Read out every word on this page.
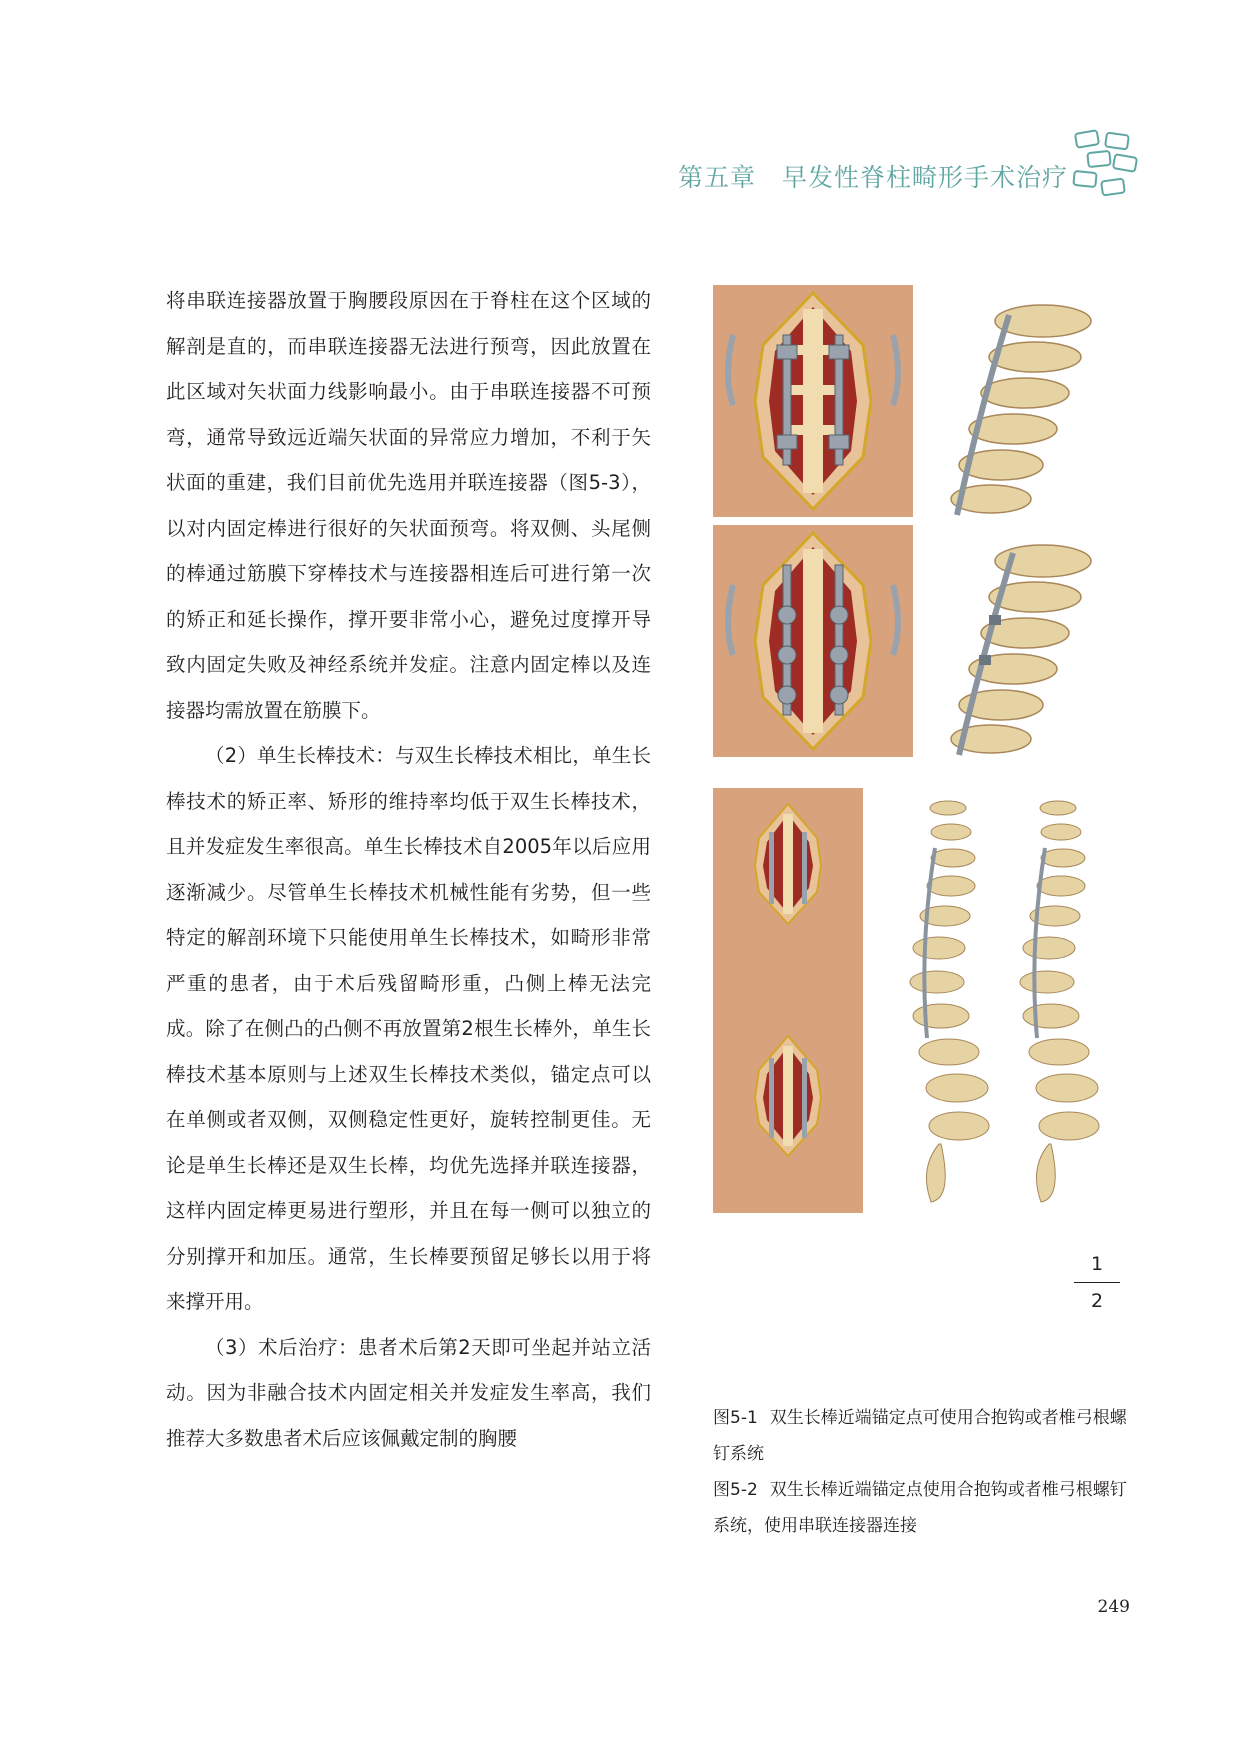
第五章　早发性脊柱畸形手术治疗

将串联连接器放置于胸腰段原因在于脊柱在这个区域的解剖是直的，而串联连接器无法进行预弯，因此放置在此区域对矢状面力线影响最小。由于串联连接器不可预弯，通常导致远近端矢状面的异常应力增加，不利于矢状面的重建，我们目前优先选用并联连接器（图5-3），以对内固定棒进行很好的矢状面预弯。将双侧、头尾侧的棒通过筋膜下穿棒技术与连接器相连后可进行第一次的矫正和延长操作，撑开要非常小心，避免过度撑开导致内固定失败及神经系统并发症。注意内固定棒以及连接器均需放置在筋膜下。

（2）单生长棒技术：与双生长棒技术相比，单生长棒技术的矫正率、矫形的维持率均低于双生长棒技术，且并发症发生率很高。单生长棒技术自2005年以后应用逐渐减少。尽管单生长棒技术机械性能有劣势，但一些特定的解剖环境下只能使用单生长棒技术，如畸形非常严重的患者，由于术后残留畸形重，凸侧上棒无法完成。除了在侧凸的凸侧不再放置第2根生长棒外，单生长棒技术基本原则与上述双生长棒技术类似，锚定点可以在单侧或者双侧，双侧稳定性更好，旋转控制更佳。无论是单生长棒还是双生长棒，均优先选择并联连接器，这样内固定棒更易进行塑形，并且在每一侧可以独立的分别撑开和加压。通常，生长棒要预留足够长以用于将来撑开用。

（3）术后治疗：患者术后第2天即可坐起并站立活动。因为非融合技术内固定相关并发症发生率高，我们推荐大多数患者术后应该佩戴定制的胸腰

1
2

图5-1 双生长棒近端锚定点可使用合抱钩或者椎弓根螺钉系统

图5-2 双生长棒近端锚定点使用合抱钩或者椎弓根螺钉系统，使用串联连接器连接

249
